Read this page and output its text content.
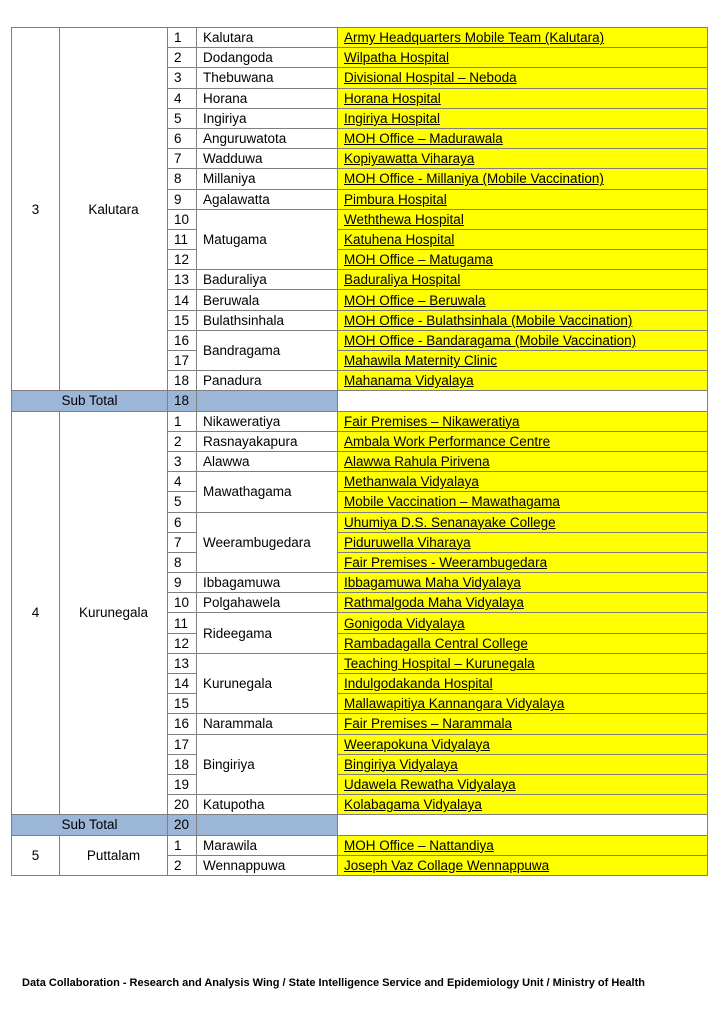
3	Kalutara	1	Kalutara	Army Headquarters Mobile Team (Kalutara)
		2	Dodangoda	Wilpatha Hospital
		3	Thebuwana	Divisional Hospital – Neboda
		4	Horana	Horana Hospital
		5	Ingiriya	Ingiriya Hospital
		6	Anguruwatota	MOH Office – Madurawala
		7	Wadduwa	Kopiyawatta Viharaya
		8	Millaniya	MOH Office - Millaniya (Mobile Vaccination)
		9	Agalawatta	Pimbura Hospital
		10	Matugama	Weththewa Hospital
		11		Katuhena Hospital
		12		MOH Office – Matugama
		13	Baduraliya	Baduraliya Hospital
		14	Beruwala	MOH Office – Beruwala
		15	Bulathsinhala	MOH Office - Bulathsinhala (Mobile Vaccination)
		16	Bandragama	MOH Office - Bandaragama (Mobile Vaccination)
		17		Mahawila Maternity Clinic
		18	Panadura	Mahanama Vidyalaya
Sub Total		18		
4	Kurunegala	1	Nikaweratiya	Fair Premises – Nikaweratiya
		2	Rasnayakapura	Ambala Work Performance Centre
		3	Alawwa	Alawwa Rahula Pirivena
		4	Mawathagama	Methanwala Vidyalaya
		5		Mobile Vaccination – Mawathagama
		6	Weerambugedara	Uhumiya D.S. Senanayake College
		7		Piduruwella Viharaya
		8		Fair Premises - Weerambugedara
		9	Ibbagamuwa	Ibbagamuwa Maha Vidyalaya
		10	Polgahawela	Rathmalgoda Maha Vidyalaya
		11	Rideegama	Gonigoda Vidyalaya
		12		Rambadagalla Central College
		13	Kurunegala	Teaching Hospital – Kurunegala
		14		Indulgodakanda Hospital
		15		Mallawapitiya Kannangara Vidyalaya
		16	Narammala	Fair Premises – Narammala
		17	Bingiriya	Weerapokuna Vidyalaya
		18		Bingiriya Vidyalaya
		19		Udawela Rewatha Vidyalaya
		20	Katupotha	Kolabagama Vidyalaya
Sub Total		20		
5	Puttalam	1	Marawila	MOH Office – Nattandiya
		2	Wennappuwa	Joseph Vaz Collage Wennappuwa
Data Collaboration - Research and Analysis Wing / State Intelligence Service and Epidemiology Unit / Ministry of Health
